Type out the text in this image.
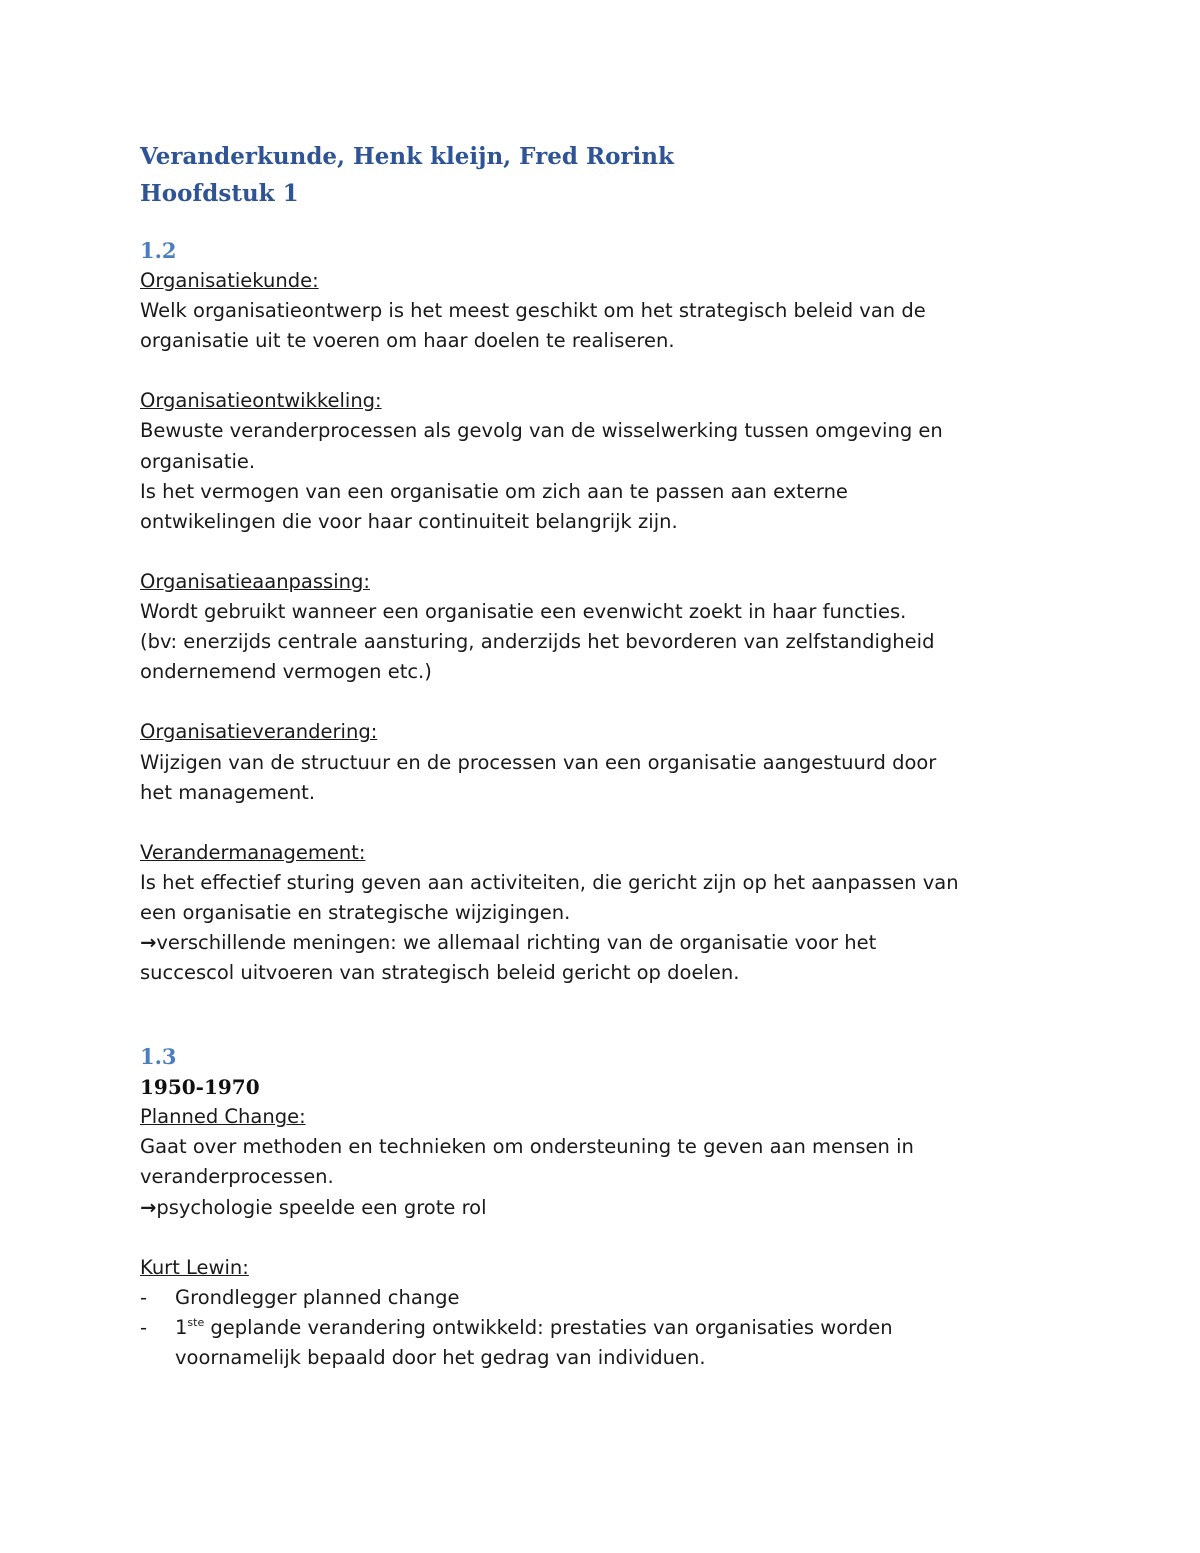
Veranderkunde, Henk kleijn, Fred Rorink
Hoofdstuk 1
1.2

Organisatiekunde:

Welk organisatieontwerp is het meest geschikt om het strategisch beleid van de

organisatie uit te voeren om haar doelen te realiseren.

Organisatieontwikkeling:

Bewuste veranderprocessen als gevolg van de wisselwerking tussen omgeving en

organisatie.

Is het vermogen van een organisatie om zich aan te passen aan externe

ontwikelingen die voor haar continuiteit belangrijk zijn.

Organisatieaanpassing:

Wordt gebruikt wanneer een organisatie een evenwicht zoekt in haar functies.

(bv: enerzijds centrale aansturing, anderzijds het bevorderen van zelfstandigheid

ondernemend vermogen etc.)

Organisatieverandering:

Wijzigen van de structuur en de processen van een organisatie aangestuurd door

het management.

Verandermanagement:

Is het effectief sturing geven aan activiteiten, die gericht zijn op het aanpassen van

een organisatie en strategische wijzigingen.

→verschillende meningen: we allemaal richting van de organisatie voor het

succescol uitvoeren van strategisch beleid gericht op doelen.

1.3
1950-1970

Planned Change:

Gaat over methoden en technieken om ondersteuning te geven aan mensen in

veranderprocessen.

→psychologie speelde een grote rol

Kurt Lewin:

- Grondlegger planned change

- 1ste geplande verandering ontwikkeld: prestaties van organisaties worden

voornamelijk bepaald door het gedrag van individuen.
